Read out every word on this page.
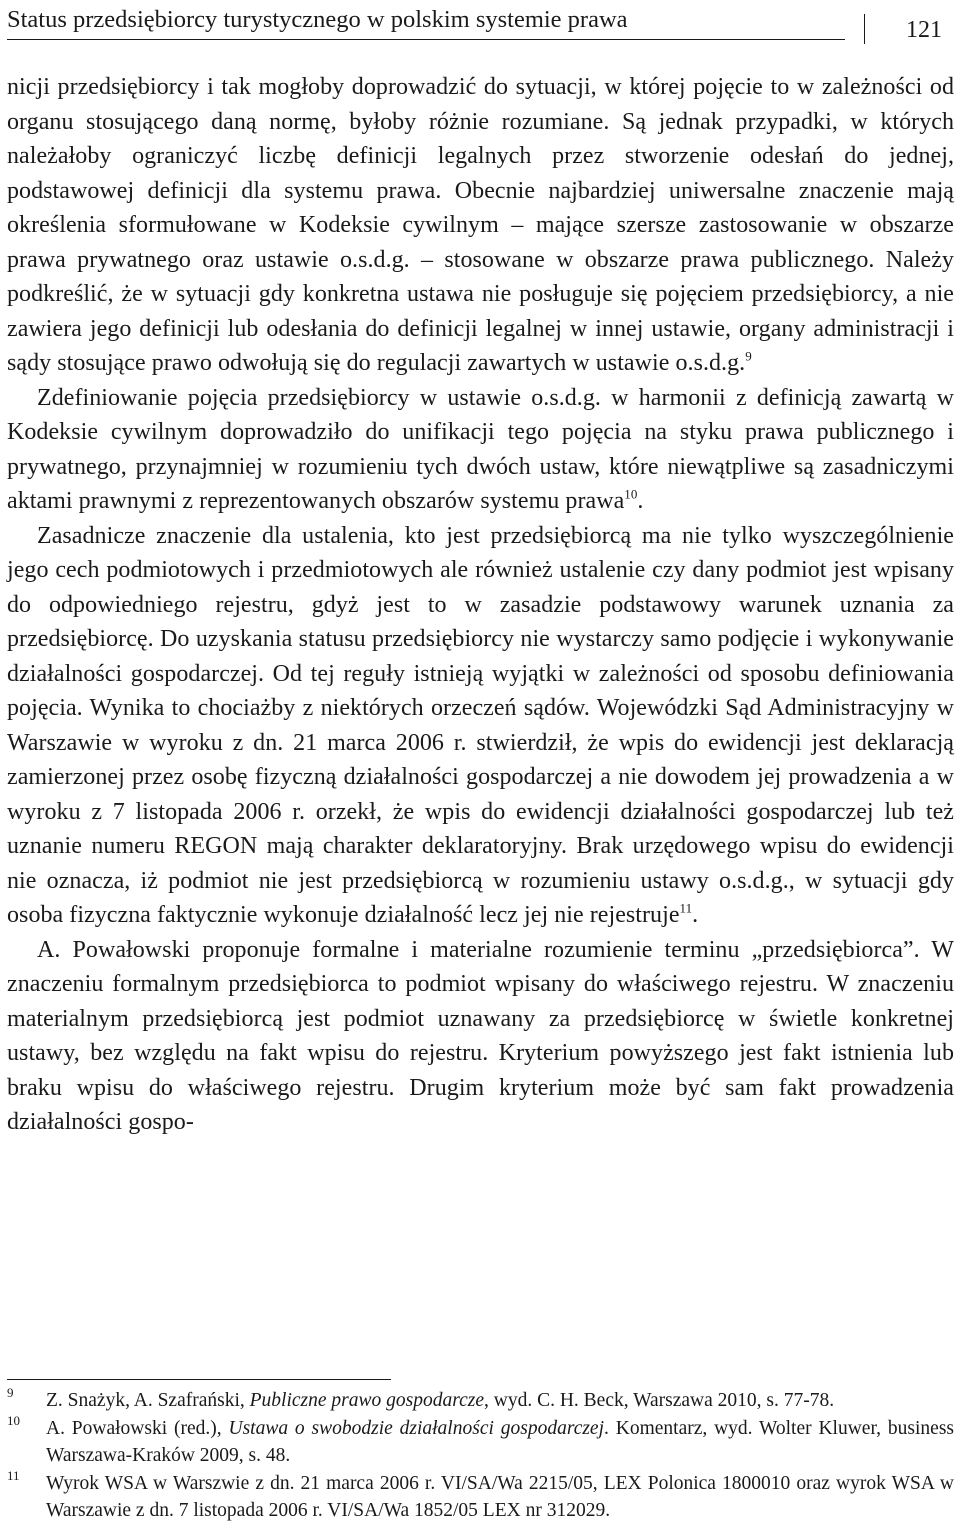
Status przedsiębiorcy turystycznego w polskim systemie prawa	121

nicji przedsiębiorcy i tak mogłoby doprowadzić do sytuacji, w której pojęcie to w zależności od organu stosującego daną normę, byłoby różnie rozumiane. Są jednak przypadki, w których należałoby ograniczyć liczbę definicji legalnych przez stworzenie odesłań do jednej, podstawowej definicji dla systemu prawa. Obecnie najbardziej uniwersalne znaczenie mają określenia sformułowane w Kodeksie cywilnym – mające szersze zastosowanie w obszarze prawa prywatnego oraz ustawie o.s.d.g. – stosowane w obszarze prawa publicznego. Należy podkreślić, że w sytuacji gdy konkretna ustawa nie posługuje się pojęciem przedsiębiorcy, a nie zawiera jego definicji lub odesłania do definicji legalnej w innej ustawie, organy administracji i sądy stosujące prawo odwołują się do regulacji zawartych w ustawie o.s.d.g.$^9$

Zdefiniowanie pojęcia przedsiębiorcy w ustawie o.s.d.g. w harmonii z definicją zawartą w Kodeksie cywilnym doprowadziło do unifikacji tego pojęcia na styku prawa publicznego i prywatnego, przynajmniej w rozumieniu tych dwóch ustaw, które niewątpliwe są zasadniczymi aktami prawnymi z reprezentowanych obszarów systemu prawa$^{10}$.

Zasadnicze znaczenie dla ustalenia, kto jest przedsiębiorcą ma nie tylko wyszczególnienie jego cech podmiotowych i przedmiotowych ale również ustalenie czy dany podmiot jest wpisany do odpowiedniego rejestru, gdyż jest to w zasadzie podstawowy warunek uznania za przedsiębiorcę. Do uzyskania statusu przedsiębiorcy nie wystarczy samo podjęcie i wykonywanie działalności gospodarczej. Od tej reguły istnieją wyjątki w zależności od sposobu definiowania pojęcia. Wynika to chociażby z niektórych orzeczeń sądów. Wojewódzki Sąd Administracyjny w Warszawie w wyroku z dn. 21 marca 2006 r. stwierdził, że wpis do ewidencji jest deklaracją zamierzonej przez osobę fizyczną działalności gospodarczej a nie dowodem jej prowadzenia a w wyroku z 7 listopada 2006 r. orzekł, że wpis do ewidencji działalności gospodarczej lub też uznanie numeru REGON mają charakter deklaratoryjny. Brak urzędowego wpisu do ewidencji nie oznacza, iż podmiot nie jest przedsiębiorcą w rozumieniu ustawy o.s.d.g., w sytuacji gdy osoba fizyczna faktycznie wykonuje działalność lecz jej nie rejestruje$^{11}$.

A. Powałowski proponuje formalne i materialne rozumienie terminu „przedsiębiorca”. W znaczeniu formalnym przedsiębiorca to podmiot wpisany do właściwego rejestru. W znaczeniu materialnym przedsiębiorcą jest podmiot uznawany za przedsiębiorcę w świetle konkretnej ustawy, bez względu na fakt wpisu do rejestru. Kryterium powyższego jest fakt istnienia lub braku wpisu do właściwego rejestru. Drugim kryterium może być sam fakt prowadzenia działalności gospo-

9 Z. Snażyk, A. Szafrański, Publiczne prawo gospodarcze, wyd. C. H. Beck, Warszawa 2010, s. 77-78.
10 A. Powałowski (red.), Ustawa o swobodzie działalności gospodarczej. Komentarz, wyd. Wolter Kluwer, business Warszawa-Kraków 2009, s. 48.
11 Wyrok WSA w Warszwie z dn. 21 marca 2006 r. VI/SA/Wa 2215/05, LEX Polonica 1800010 oraz wyrok WSA w Warszawie z dn. 7 listopada 2006 r. VI/SA/Wa 1852/05 LEX nr 312029.
